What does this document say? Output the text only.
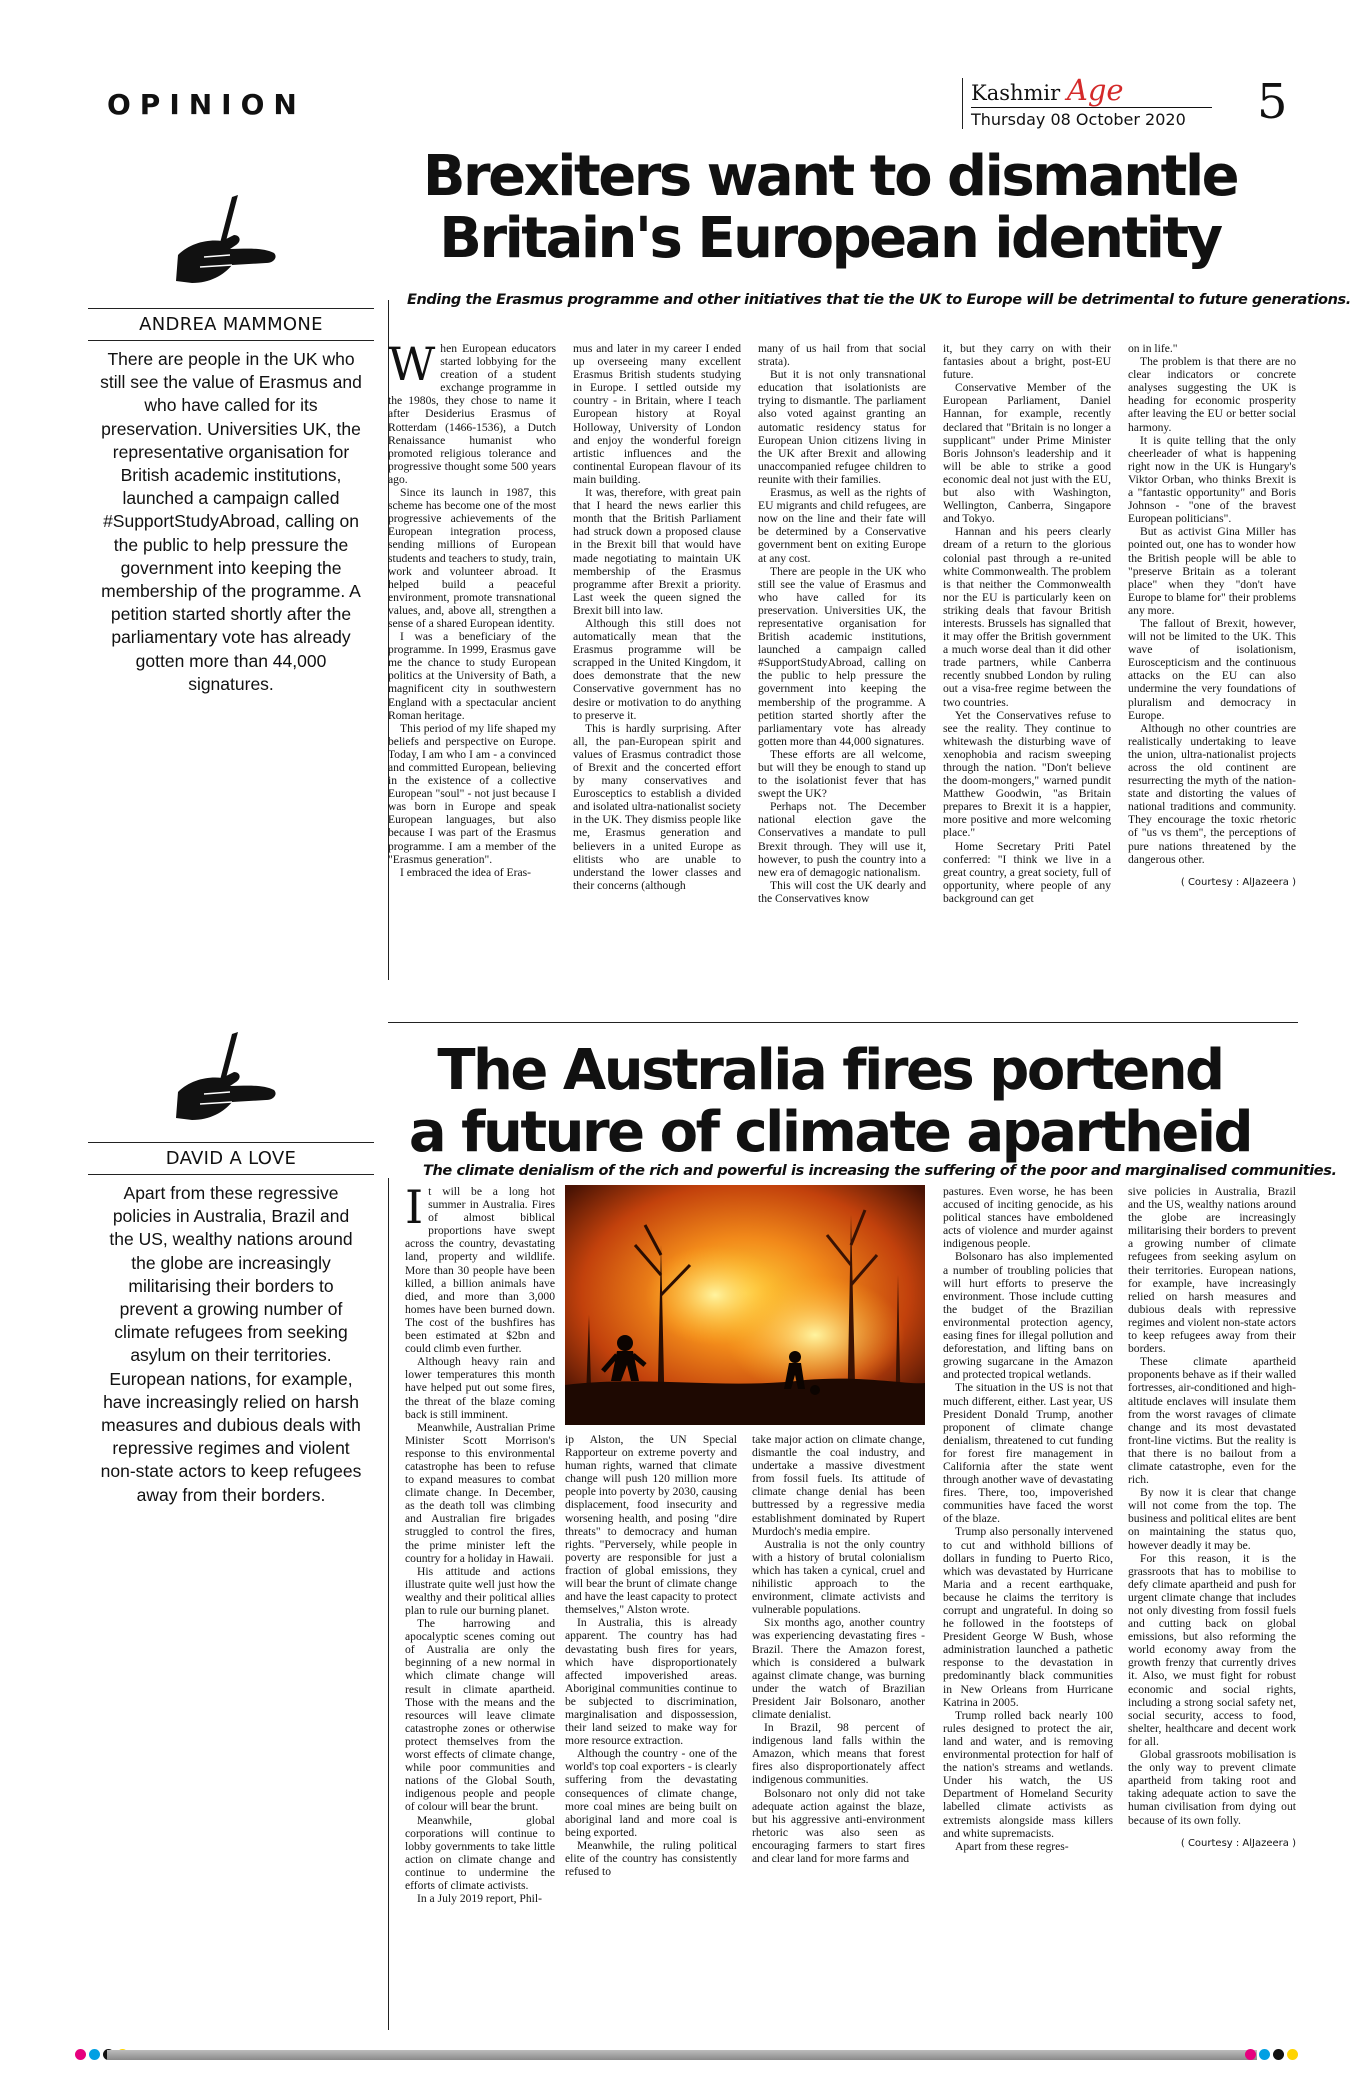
OPINION	Kashmir Age
Thursday 08 October 2020	5
Brexiters want to dismantle
Britain's European identity
Ending the Erasmus programme and other initiatives that tie the UK to Europe will be detrimental to future generations.
ANDREA MAMMONE
There are people in the UK who still see the value of Erasmus and who have called for its preservation. Universities UK, the representative organisation for British academic institutions, launched a campaign called #SupportStudyAbroad, calling on the public to help pressure the government into keeping the membership of the programme. A petition started shortly after the parliamentary vote has already gotten more than 44,000 signatures.
W hen European educators started lobbying for the creation of a student exchange programme in the 1980s, they chose to name it after Desiderius Erasmus of Rotterdam (1466-1536), a Dutch Renaissance humanist who promoted religious tolerance and progressive thought some 500 years ago.

Since its launch in 1987, this scheme has become one of the most progressive achievements of the European integration process, sending millions of European students and teachers to study, train, work and volunteer abroad. It helped build a peaceful environment, promote transnational values, and, above all, strengthen a sense of a shared European identity.

I was a beneficiary of the programme. In 1999, Erasmus gave me the chance to study European politics at the University of Bath, a magnificent city in southwestern England with a spectacular ancient Roman heritage.

This period of my life shaped my beliefs and perspective on Europe. Today, I am who I am - a convinced and committed European, believing in the existence of a collective European "soul" - not just because I was born in Europe and speak European languages, but also because I was part of the Erasmus programme. I am a member of the "Erasmus generation".

I embraced the idea of Eras-

mus and later in my career I ended up overseeing many excellent Erasmus British students studying in Europe. I settled outside my country - in Britain, where I teach European history at Royal Holloway, University of London and enjoy the wonderful foreign artistic influences and the continental European flavour of its main building.

It was, therefore, with great pain that I heard the news earlier this month that the British Parliament had struck down a proposed clause in the Brexit bill that would have made negotiating to maintain UK membership of the Erasmus programme after Brexit a priority. Last week the queen signed the Brexit bill into law.

Although this still does not automatically mean that the Erasmus programme will be scrapped in the United Kingdom, it does demonstrate that the new Conservative government has no desire or motivation to do anything to preserve it.

This is hardly surprising. After all, the pan-European spirit and values of Erasmus contradict those of Brexit and the concerted effort by many conservatives and Eurosceptics to establish a divided and isolated ultra-nationalist society in the UK. They dismiss people like me, Erasmus generation and believers in a united Europe as elitists who are unable to understand the lower classes and their concerns (although

many of us hail from that social strata).

But it is not only transnational education that isolationists are trying to dismantle. The parliament also voted against granting an automatic residency status for European Union citizens living in the UK after Brexit and allowing unaccompanied refugee children to reunite with their families.

Erasmus, as well as the rights of EU migrants and child refugees, are now on the line and their fate will be determined by a Conservative government bent on exiting Europe at any cost.

There are people in the UK who still see the value of Erasmus and who have called for its preservation. Universities UK, the representative organisation for British academic institutions, launched a campaign called #SupportStudyAbroad, calling on the public to help pressure the government into keeping the membership of the programme. A petition started shortly after the parliamentary vote has already gotten more than 44,000 signatures.

These efforts are all welcome, but will they be enough to stand up to the isolationist fever that has swept the UK?

Perhaps not. The December national election gave the Conservatives a mandate to pull Brexit through. They will use it, however, to push the country into a new era of demagogic nationalism.

This will cost the UK dearly and the Conservatives know

it, but they carry on with their fantasies about a bright, post-EU future.

Conservative Member of the European Parliament, Daniel Hannan, for example, recently declared that "Britain is no longer a supplicant" under Prime Minister Boris Johnson's leadership and it will be able to strike a good economic deal not just with the EU, but also with Washington, Wellington, Canberra, Singapore and Tokyo.

Hannan and his peers clearly dream of a return to the glorious colonial past through a re-united white Commonwealth. The problem is that neither the Commonwealth nor the EU is particularly keen on striking deals that favour British interests. Brussels has signalled that it may offer the British government a much worse deal than it did other trade partners, while Canberra recently snubbed London by ruling out a visa-free regime between the two countries.

Yet the Conservatives refuse to see the reality. They continue to whitewash the disturbing wave of xenophobia and racism sweeping through the nation. "Don't believe the doom-mongers," warned pundit Matthew Goodwin, "as Britain prepares to Brexit it is a happier, more positive and more welcoming place."

Home Secretary Priti Patel conferred: "I think we live in a great country, a great society, full of opportunity, where people of any background can get

on in life."

The problem is that there are no clear indicators or concrete analyses suggesting the UK is heading for economic prosperity after leaving the EU or better social harmony.

It is quite telling that the only cheerleader of what is happening right now in the UK is Hungary's Viktor Orban, who thinks Brexit is a "fantastic opportunity" and Boris Johnson - "one of the bravest European politicians".

But as activist Gina Miller has pointed out, one has to wonder how the British people will be able to "preserve Britain as a tolerant place" when they "don't have Europe to blame for" their problems any more.

The fallout of Brexit, however, will not be limited to the UK. This wave of isolationism, Euroscepticism and the continuous attacks on the EU can also undermine the very foundations of pluralism and democracy in Europe.

Although no other countries are realistically undertaking to leave the union, ultra-nationalist projects across the old continent are resurrecting the myth of the nation-state and distorting the values of national traditions and community. They encourage the toxic rhetoric of "us vs them", the perceptions of pure nations threatened by the dangerous other.

( Courtesy : AlJazeera )

The Australia fires portend
a future of climate apartheid
The climate denialism of the rich and powerful is increasing the suffering of the poor and marginalised communities.
DAVID A LOVE
Apart from these regressive policies in Australia, Brazil and the US, wealthy nations around the globe are increasingly militarising their borders to prevent a growing number of climate refugees from seeking asylum on their territories. European nations, for example, have increasingly relied on harsh measures and dubious deals with repressive regimes and violent non-state actors to keep refugees away from their borders.
I t will be a long hot summer in Australia. Fires of almost biblical proportions have swept across the country, devastating land, property and wildlife. More than 30 people have been killed, a billion animals have died, and more than 3,000 homes have been burned down. The cost of the bushfires has been estimated at $2bn and could climb even further.

Although heavy rain and lower temperatures this month have helped put out some fires, the threat of the blaze coming back is still imminent.

Meanwhile, Australian Prime Minister Scott Morrison's response to this environmental catastrophe has been to refuse to expand measures to combat climate change. In December, as the death toll was climbing and Australian fire brigades struggled to control the fires, the prime minister left the country for a holiday in Hawaii.

His attitude and actions illustrate quite well just how the wealthy and their political allies plan to rule our burning planet.

The harrowing and apocalyptic scenes coming out of Australia are only the beginning of a new normal in which climate change will result in climate apartheid. Those with the means and the resources will leave climate catastrophe zones or otherwise protect themselves from the worst effects of climate change, while poor communities and nations of the Global South, indigenous people and people of colour will bear the brunt.

Meanwhile, global corporations will continue to lobby governments to take little action on climate change and continue to undermine the efforts of climate activists.

In a July 2019 report, Phil-

ip Alston, the UN Special Rapporteur on extreme poverty and human rights, warned that climate change will push 120 million more people into poverty by 2030, causing displacement, food insecurity and worsening health, and posing "dire threats" to democracy and human rights. "Perversely, while people in poverty are responsible for just a fraction of global emissions, they will bear the brunt of climate change and have the least capacity to protect themselves," Alston wrote.

In Australia, this is already apparent. The country has had devastating bush fires for years, which have disproportionately affected impoverished areas. Aboriginal communities continue to be subjected to discrimination, marginalisation and dispossession, their land seized to make way for more resource extraction.

Although the country - one of the world's top coal exporters - is clearly suffering from the devastating consequences of climate change, more coal mines are being built on aboriginal land and more coal is being exported.

Meanwhile, the ruling political elite of the country has consistently refused to

take major action on climate change, dismantle the coal industry, and undertake a massive divestment from fossil fuels. Its attitude of climate change denial has been buttressed by a regressive media establishment dominated by Rupert Murdoch's media empire.

Australia is not the only country with a history of brutal colonialism which has taken a cynical, cruel and nihilistic approach to the environment, climate activists and vulnerable populations.

Six months ago, another country was experiencing devastating fires - Brazil. There the Amazon forest, which is considered a bulwark against climate change, was burning under the watch of Brazilian President Jair Bolsonaro, another climate denialist.

In Brazil, 98 percent of indigenous land falls within the Amazon, which means that forest fires also disproportionately affect indigenous communities.

Bolsonaro not only did not take adequate action against the blaze, but his aggressive anti-environment rhetoric was also seen as encouraging farmers to start fires and clear land for more farms and

pastures. Even worse, he has been accused of inciting genocide, as his political stances have emboldened acts of violence and murder against indigenous people.

Bolsonaro has also implemented a number of troubling policies that will hurt efforts to preserve the environment. Those include cutting the budget of the Brazilian environmental protection agency, easing fines for illegal pollution and deforestation, and lifting bans on growing sugarcane in the Amazon and protected tropical wetlands.

The situation in the US is not that much different, either. Last year, US President Donald Trump, another proponent of climate change denialism, threatened to cut funding for forest fire management in California after the state went through another wave of devastating fires. There, too, impoverished communities have faced the worst of the blaze.

Trump also personally intervened to cut and withhold billions of dollars in funding to Puerto Rico, which was devastated by Hurricane Maria and a recent earthquake, because he claims the territory is corrupt and ungrateful. In doing so he followed in the footsteps of President George W Bush, whose administration launched a pathetic response to the devastation in predominantly black communities in New Orleans from Hurricane Katrina in 2005.

Trump rolled back nearly 100 rules designed to protect the air, land and water, and is removing environmental protection for half of the nation's streams and wetlands. Under his watch, the US Department of Homeland Security labelled climate activists as extremists alongside mass killers and white supremacists.

Apart from these regres-

sive policies in Australia, Brazil and the US, wealthy nations around the globe are increasingly militarising their borders to prevent a growing number of climate refugees from seeking asylum on their territories. European nations, for example, have increasingly relied on harsh measures and dubious deals with repressive regimes and violent non-state actors to keep refugees away from their borders.

These climate apartheid proponents behave as if their walled fortresses, air-conditioned and high-altitude enclaves will insulate them from the worst ravages of climate change and its most devastated front-line victims. But the reality is that there is no bailout from a climate catastrophe, even for the rich.

By now it is clear that change will not come from the top. The business and political elites are bent on maintaining the status quo, however deadly it may be.

For this reason, it is the grassroots that has to mobilise to defy climate apartheid and push for urgent climate change that includes not only divesting from fossil fuels and cutting back on global emissions, but also reforming the world economy away from the growth frenzy that currently drives it. Also, we must fight for robust economic and social rights, including a strong social safety net, social security, access to food, shelter, healthcare and decent work for all.

Global grassroots mobilisation is the only way to prevent climate apartheid from taking root and taking adequate action to save the human civilisation from dying out because of its own folly.

( Courtesy : AlJazeera )
